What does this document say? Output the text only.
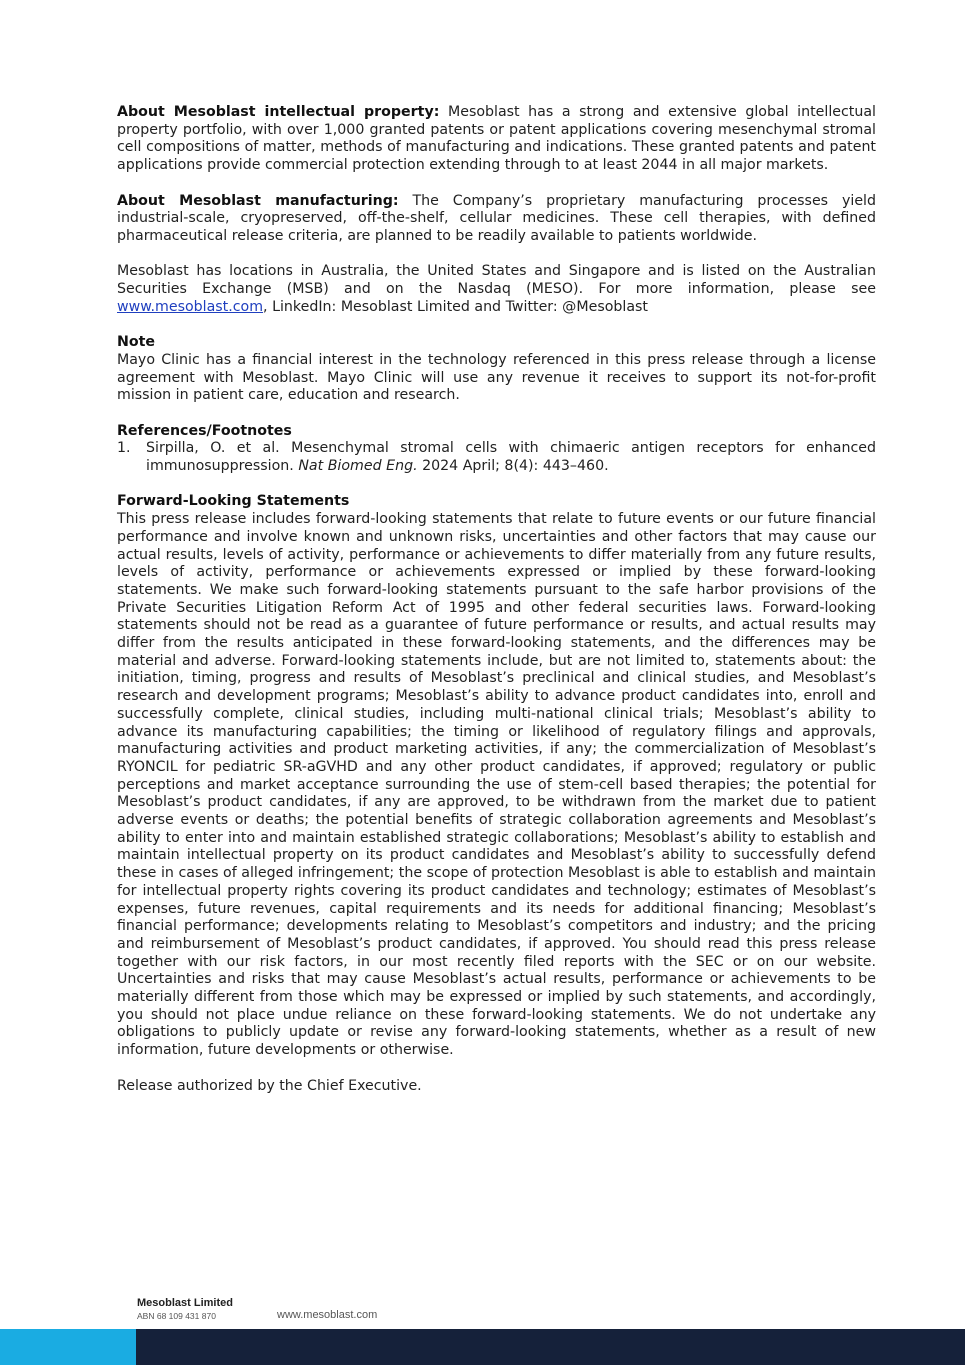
About Mesoblast intellectual property: Mesoblast has a strong and extensive global intellectual property portfolio, with over 1,000 granted patents or patent applications covering mesenchymal stromal cell compositions of matter, methods of manufacturing and indications. These granted patents and patent applications provide commercial protection extending through to at least 2044 in all major markets.

About Mesoblast manufacturing: The Company’s proprietary manufacturing processes yield industrial-scale, cryopreserved, off-the-shelf, cellular medicines. These cell therapies, with defined pharmaceutical release criteria, are planned to be readily available to patients worldwide.

Mesoblast has locations in Australia, the United States and Singapore and is listed on the Australian Securities Exchange (MSB) and on the Nasdaq (MESO). For more information, please see www.mesoblast.com, LinkedIn: Mesoblast Limited and Twitter: @Mesoblast

Note
Mayo Clinic has a financial interest in the technology referenced in this press release through a license agreement with Mesoblast. Mayo Clinic will use any revenue it receives to support its not-for-profit mission in patient care, education and research.

References/Footnotes
1. Sirpilla, O. et al. Mesenchymal stromal cells with chimaeric antigen receptors for enhanced immunosuppression. Nat Biomed Eng. 2024 April; 8(4): 443–460.

Forward-Looking Statements
This press release includes forward-looking statements that relate to future events or our future financial performance and involve known and unknown risks, uncertainties and other factors that may cause our actual results, levels of activity, performance or achievements to differ materially from any future results, levels of activity, performance or achievements expressed or implied by these forward-looking statements. We make such forward-looking statements pursuant to the safe harbor provisions of the Private Securities Litigation Reform Act of 1995 and other federal securities laws. Forward-looking statements should not be read as a guarantee of future performance or results, and actual results may differ from the results anticipated in these forward-looking statements, and the differences may be material and adverse. Forward-looking statements include, but are not limited to, statements about: the initiation, timing, progress and results of Mesoblast’s preclinical and clinical studies, and Mesoblast’s research and development programs; Mesoblast’s ability to advance product candidates into, enroll and successfully complete, clinical studies, including multi-national clinical trials; Mesoblast’s ability to advance its manufacturing capabilities; the timing or likelihood of regulatory filings and approvals, manufacturing activities and product marketing activities, if any; the commercialization of Mesoblast’s RYONCIL for pediatric SR-aGVHD and any other product candidates, if approved; regulatory or public perceptions and market acceptance surrounding the use of stem-cell based therapies; the potential for Mesoblast’s product candidates, if any are approved, to be withdrawn from the market due to patient adverse events or deaths; the potential benefits of strategic collaboration agreements and Mesoblast’s ability to enter into and maintain established strategic collaborations; Mesoblast’s ability to establish and maintain intellectual property on its product candidates and Mesoblast’s ability to successfully defend these in cases of alleged infringement; the scope of protection Mesoblast is able to establish and maintain for intellectual property rights covering its product candidates and technology; estimates of Mesoblast’s expenses, future revenues, capital requirements and its needs for additional financing; Mesoblast’s financial performance; developments relating to Mesoblast’s competitors and industry; and the pricing and reimbursement of Mesoblast’s product candidates, if approved. You should read this press release together with our risk factors, in our most recently filed reports with the SEC or on our website. Uncertainties and risks that may cause Mesoblast’s actual results, performance or achievements to be materially different from those which may be expressed or implied by such statements, and accordingly, you should not place undue reliance on these forward-looking statements. We do not undertake any obligations to publicly update or revise any forward-looking statements, whether as a result of new information, future developments or otherwise.

Release authorized by the Chief Executive.

Mesoblast Limited
ABN 68 109 431 870	www.mesoblast.com
